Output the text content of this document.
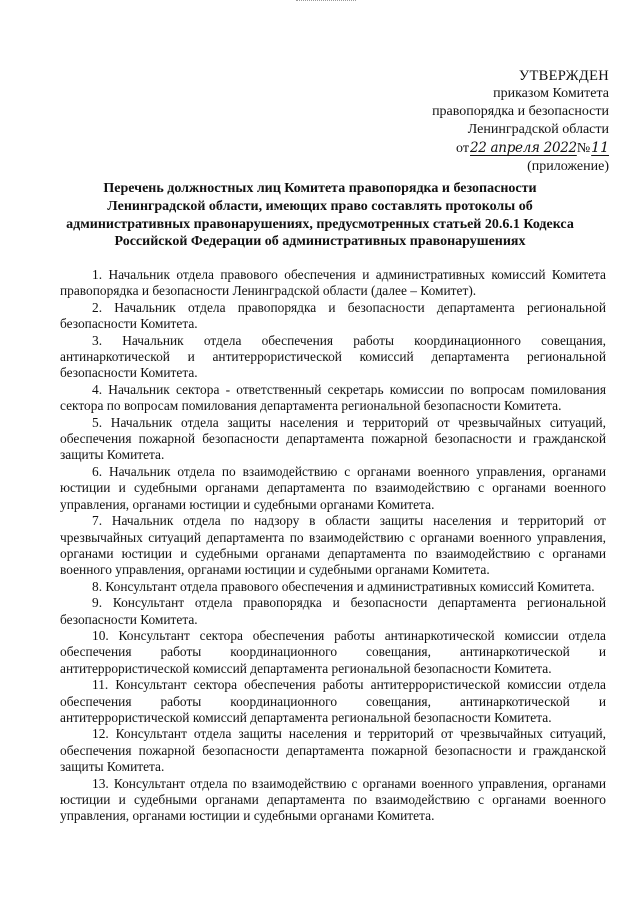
УТВЕРЖДЕН
приказом Комитета
правопорядка и безопасности
Ленинградской области
от 22 апреля 2022 № 11
(приложение)
Перечень должностных лиц Комитета правопорядка и безопасности Ленинградской области, имеющих право составлять протоколы об административных правонарушениях, предусмотренных статьей 20.6.1 Кодекса Российской Федерации об административных правонарушениях

1. Начальник отдела правового обеспечения и административных комиссий Комитета правопорядка и безопасности Ленинградской области (далее – Комитет).

2. Начальник отдела правопорядка и безопасности департамента региональной безопасности Комитета.

3. Начальник отдела обеспечения работы координационного совещания, антинаркотической и антитеррористической комиссий департамента региональной безопасности Комитета.

4. Начальник сектора - ответственный секретарь комиссии по вопросам помилования сектора по вопросам помилования департамента региональной безопасности Комитета.

5. Начальник отдела защиты населения и территорий от чрезвычайных ситуаций, обеспечения пожарной безопасности департамента пожарной безопасности и гражданской защиты Комитета.

6. Начальник отдела по взаимодействию с органами военного управления, органами юстиции и судебными органами департамента по взаимодействию с органами военного управления, органами юстиции и судебными органами Комитета.

7. Начальник отдела по надзору в области защиты населения и территорий от чрезвычайных ситуаций департамента по взаимодействию с органами военного управления, органами юстиции и судебными органами департамента по взаимодействию с органами военного управления, органами юстиции и судебными органами Комитета.

8. Консультант отдела правового обеспечения и административных комиссий Комитета.

9. Консультант отдела правопорядка и безопасности департамента региональной безопасности Комитета.

10. Консультант сектора обеспечения работы антинаркотической комиссии отдела обеспечения работы координационного совещания, антинаркотической и антитеррористической комиссий департамента региональной безопасности Комитета.

11. Консультант сектора обеспечения работы антитеррористической комиссии отдела обеспечения работы координационного совещания, антинаркотической и антитеррористической комиссий департамента региональной безопасности Комитета.

12. Консультант отдела защиты населения и территорий от чрезвычайных ситуаций, обеспечения пожарной безопасности департамента пожарной безопасности и гражданской защиты Комитета.

13. Консультант отдела по взаимодействию с органами военного управления, органами юстиции и судебными органами департамента по взаимодействию с органами военного управления, органами юстиции и судебными органами Комитета.
